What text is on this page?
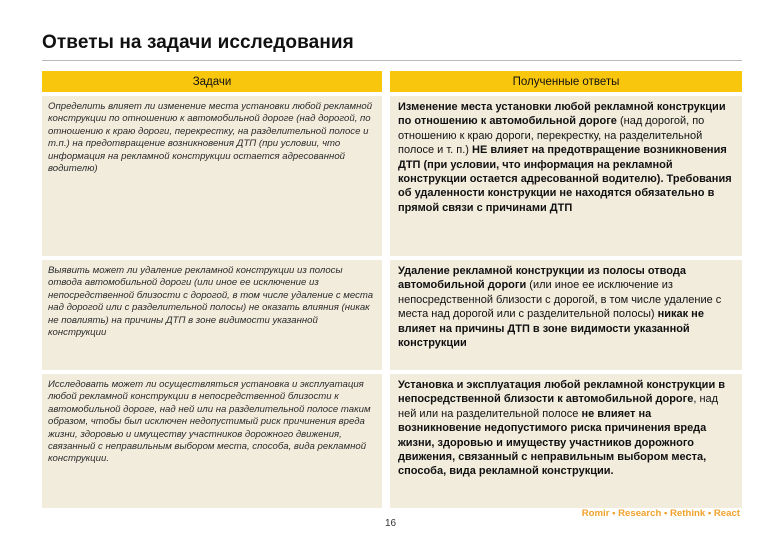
Ответы на задачи исследования
Задачи	Полученные ответы
Определить влияет ли изменение места установки любой рекламной конструкции по отношению к автомобильной дороге (над дорогой, по отношению к краю дороги, перекрестку, на разделительной полосе и т.п.) на предотвращение возникновения ДТП (при условии, что информация на рекламной конструкции остается адресованной водителю)
Изменение места установки любой рекламной конструкции по отношению к автомобильной дороге (над дорогой, по отношению к краю дороги, перекрестку, на разделительной полосе и т. п.) НЕ влияет на предотвращение возникновения ДТП (при условии, что информация на рекламной конструкции остается адресованной водителю). Требования об удаленности конструкции не находятся обязательно в прямой связи с причинами ДТП
Выявить может ли удаление рекламной конструкции из полосы отвода автомобильной дороги (или иное ее исключение из непосредственной близости с дорогой, в том числе удаление с места над дорогой или с разделительной полосы) не оказать влияния (никак не повлиять) на причины ДТП в зоне видимости указанной конструкции
Удаление рекламной конструкции из полосы отвода автомобильной дороги (или иное ее исключение из непосредственной близости с дорогой, в том числе удаление с места над дорогой или с разделительной полосы) никак не влияет на причины ДТП в зоне видимости указанной конструкции
Исследовать может ли осуществляться установка и эксплуатация любой рекламной конструкции в непосредственной близости к автомобильной дороге, над ней или на разделительной полосе таким образом, чтобы был исключен недопустимый риск причинения вреда жизни, здоровью и имуществу участников дорожного движения, связанный с неправильным выбором места, способа, вида рекламной конструкции.
Установка и эксплуатация любой рекламной конструкции в непосредственной близости к автомобильной дороге, над ней или на разделительной полосе не влияет на возникновение недопустимого риска причинения вреда жизни, здоровью и имуществу участников дорожного движения, связанный с неправильным выбором места, способа, вида рекламной конструкции.
16
Romir • Research • Rethink • React
